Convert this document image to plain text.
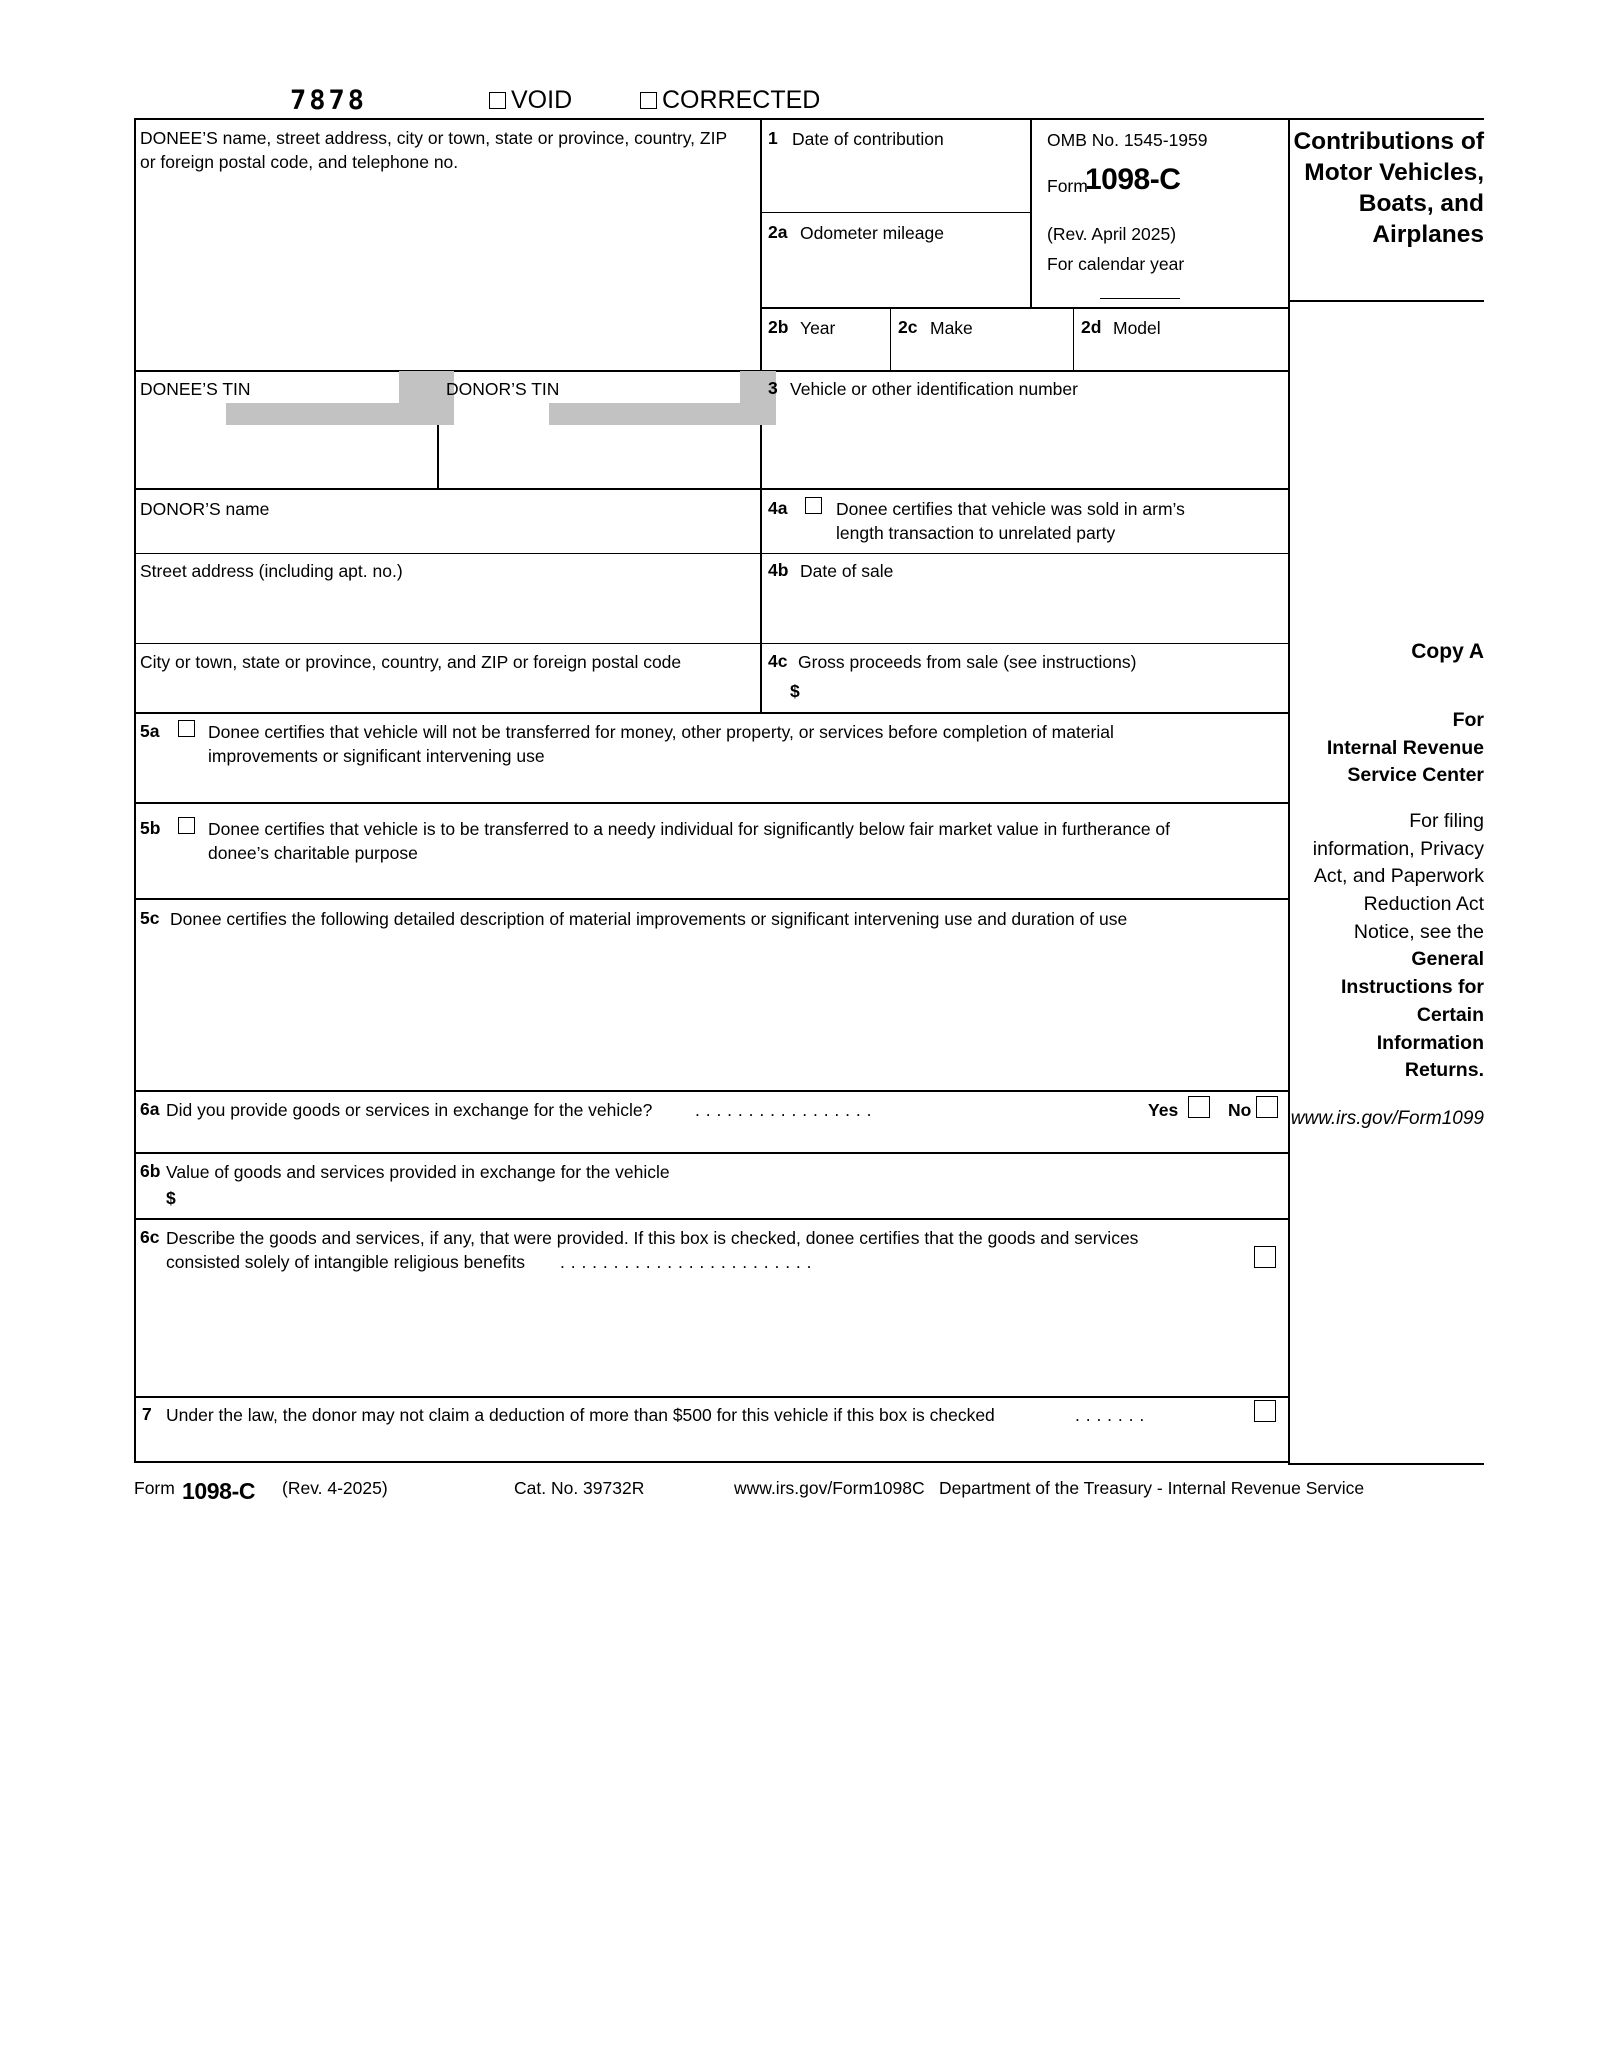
7878	VOID	CORRECTED
DONEE’S name, street address, city or town, state or province, country, ZIP or foreign postal code, and telephone no.
1 Date of contribution
2a Odometer mileage
OMB No. 1545-1959
Form
1098-C
(Rev. April 2025)
For calendar year
Contributions of
Motor Vehicles,
Boats, and
Airplanes
2b Year	2c Make	2d Model
DONEE’S TIN	DONOR’S TIN	3 Vehicle or other identification number
DONOR’S name
Street address (including apt. no.)
City or town, state or province, country, and ZIP or foreign postal code
4a	Donee certifies that vehicle was sold in arm’s
length transaction to unrelated party
4b Date of sale
4c Gross proceeds from sale (see instructions)
$
5a	Donee certifies that vehicle will not be transferred for money, other property, or services before completion of material
improvements or significant intervening use
5b	Donee certifies that vehicle is to be transferred to a needy individual for significantly below fair market value in furtherance of
donee’s charitable purpose
5c Donee certifies the following detailed description of material improvements or significant intervening use and duration of use
6a Did you provide goods or services in exchange for the vehicle? . . . . . . . . . . . . . . . . .	Yes	No
6b Value of goods and services provided in exchange for the vehicle
$
6c Describe the goods and services, if any, that were provided. If this box is checked, donee certifies that the goods and services
consisted solely of intangible religious benefits . . . . . . . . . . . . . . . . . . . . . . . .
7 Under the law, the donor may not claim a deduction of more than $500 for this vehicle if this box is checked	. . . . . . .
Copy A
For
Internal Revenue
Service Center
For filing
information, Privacy
Act, and Paperwork
Reduction Act
Notice, see the
General
Instructions for
Certain
Information
Returns.
www.irs.gov/Form1099
Form 1098-C (Rev. 4-2025)	Cat. No. 39732R	www.irs.gov/Form1098C Department of the Treasury - Internal Revenue Service
